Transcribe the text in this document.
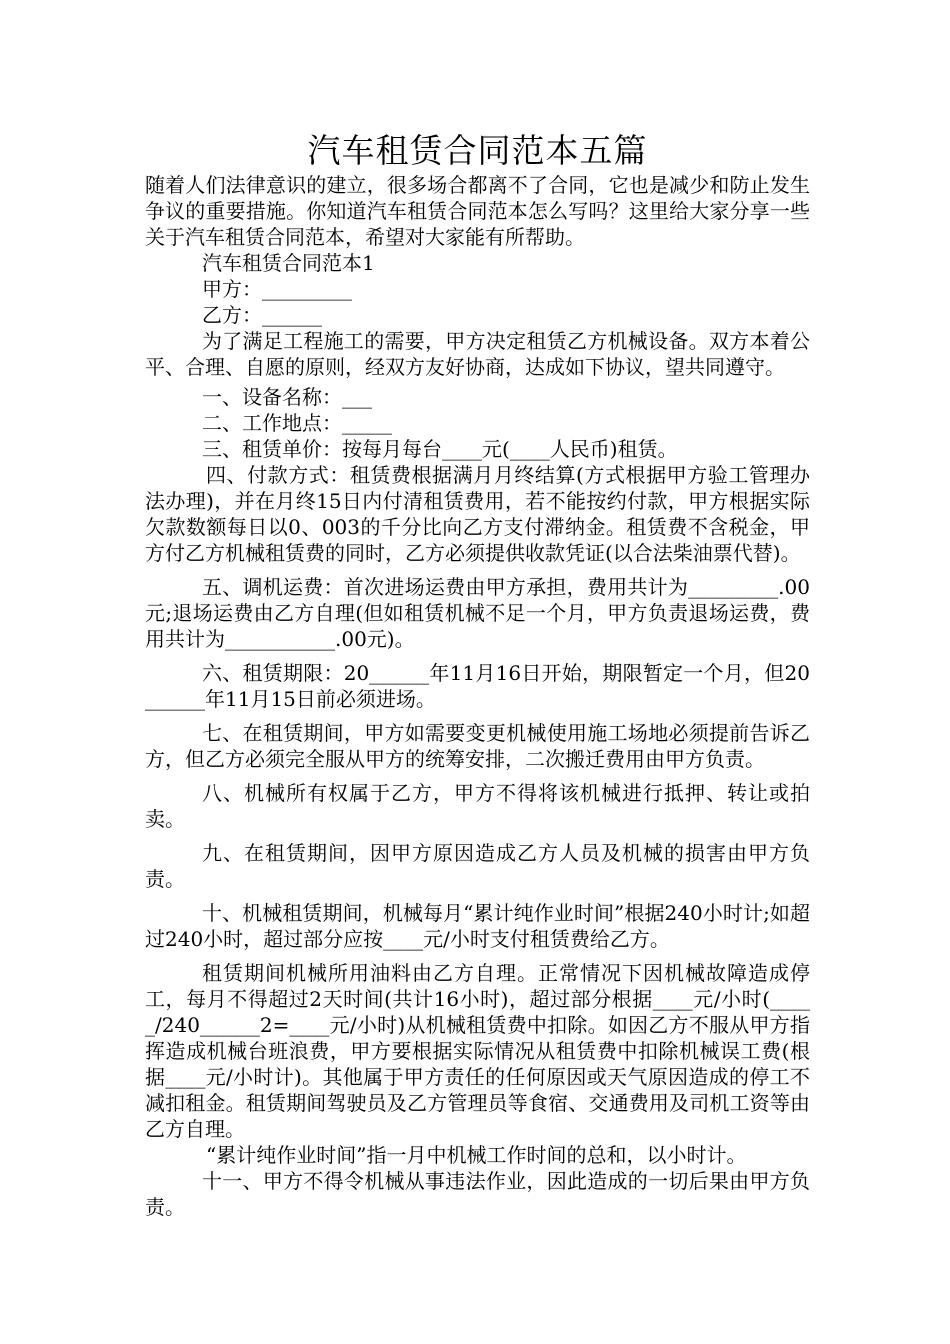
汽车租赁合同范本五篇

随着人们法律意识的建立，很多场合都离不了合同，它也是减少和防止发生争议的重要措施。你知道汽车租赁合同范本怎么写吗？这里给大家分享一些关于汽车租赁合同范本，希望对大家能有所帮助。

汽车租赁合同范本1

甲方：_________

乙方：______

为了满足工程施工的需要，甲方决定租赁乙方机械设备。双方本着公平、合理、自愿的原则，经双方友好协商，达成如下协议，望共同遵守。

一、设备名称：___

二、工作地点：_____

三、租赁单价：按每月每台____元(____人民币)租赁。

四、付款方式：租赁费根据满月月终结算(方式根据甲方验工管理办法办理)，并在月终15日内付清租赁费用，若不能按约付款，甲方根据实际欠款数额每日以0、003的千分比向乙方支付滞纳金。租赁费不含税金，甲方付乙方机械租赁费的同时，乙方必须提供收款凭证(以合法柴油票代替)。

五、调机运费：首次进场运费由甲方承担，费用共计为_________.00元;退场运费由乙方自理(但如租赁机械不足一个月，甲方负责退场运费，费用共计为___________.00元)。

六、租赁期限：20______年11月16日开始，期限暂定一个月，但20______年11月15日前必须进场。

七、在租赁期间，甲方如需要变更机械使用施工场地必须提前告诉乙方，但乙方必须完全服从甲方的统筹安排，二次搬迁费用由甲方负责。

八、机械所有权属于乙方，甲方不得将该机械进行抵押、转让或拍卖。

九、在租赁期间，因甲方原因造成乙方人员及机械的损害由甲方负责。

十、机械租赁期间，机械每月“累计纯作业时间”根据240小时计;如超过240小时，超过部分应按____元/小时支付租赁费给乙方。

租赁期间机械所用油料由乙方自理。正常情况下因机械故障造成停工，每月不得超过2天时间(共计16小时)，超过部分根据____元/小时(_____/240______2=____元/小时)从机械租赁费中扣除。如因乙方不服从甲方指挥造成机械台班浪费，甲方要根据实际情况从租赁费中扣除机械误工费(根据____元/小时计)。其他属于甲方责任的任何原因或天气原因造成的停工不减扣租金。租赁期间驾驶员及乙方管理员等食宿、交通费用及司机工资等由乙方自理。

“累计纯作业时间”指一月中机械工作时间的总和，以小时计。

十一、甲方不得令机械从事违法作业，因此造成的一切后果由甲方负责。
